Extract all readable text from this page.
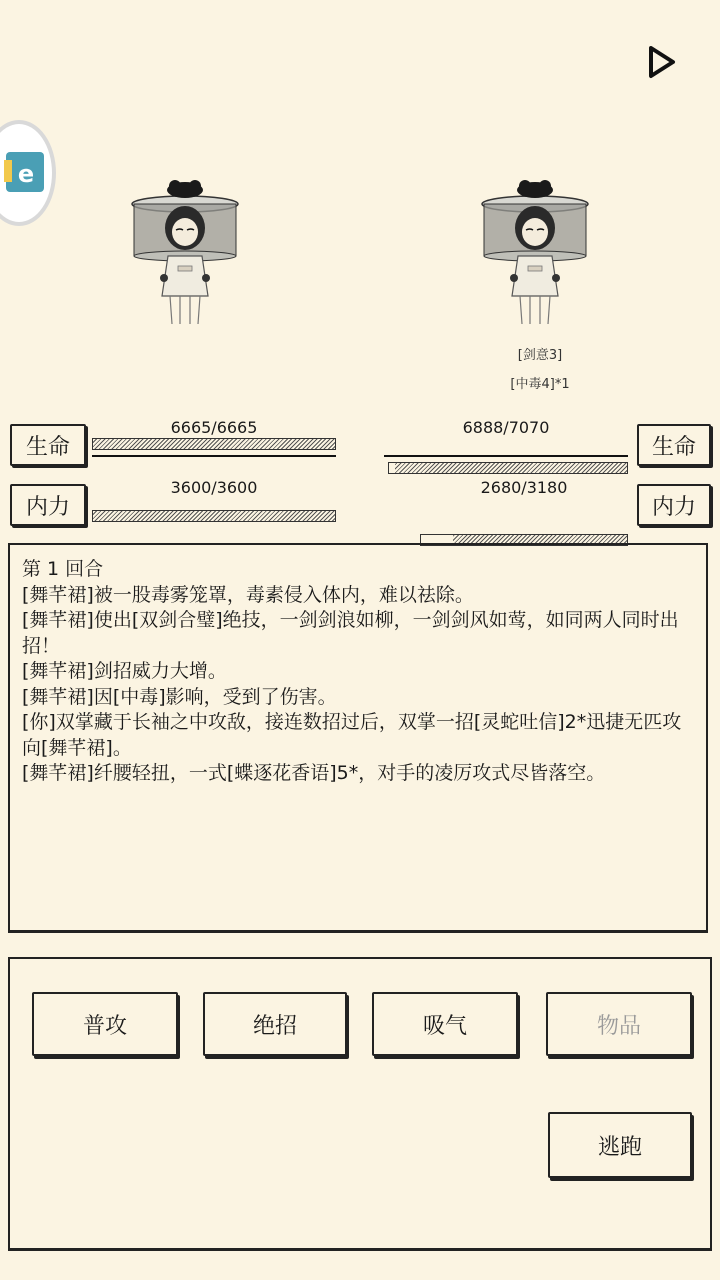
e
[剑意3]
[中毒4]*1
生命
6665/6665
内力
3600/3600
6888/7070
生命
2680/3180
内力
第 1 回合
[舞芊裙]被一股毒雾笼罩，毒素侵入体内，难以祛除。
[舞芊裙]使出[双剑合璧]绝技，一剑剑浪如柳，一剑剑风如莺，如同两人同时出招！
[舞芊裙]剑招威力大增。
[舞芊裙]因[中毒]影响，受到了伤害。
[你]双掌藏于长袖之中攻敌，接连数招过后，双掌一招[灵蛇吐信]2*迅捷无匹攻向[舞芊裙]。
[舞芊裙]纤腰轻扭，一式[蝶逐花香语]5*，对手的凌厉攻式尽皆落空。
普攻	绝招	吸气	物品
逃跑
